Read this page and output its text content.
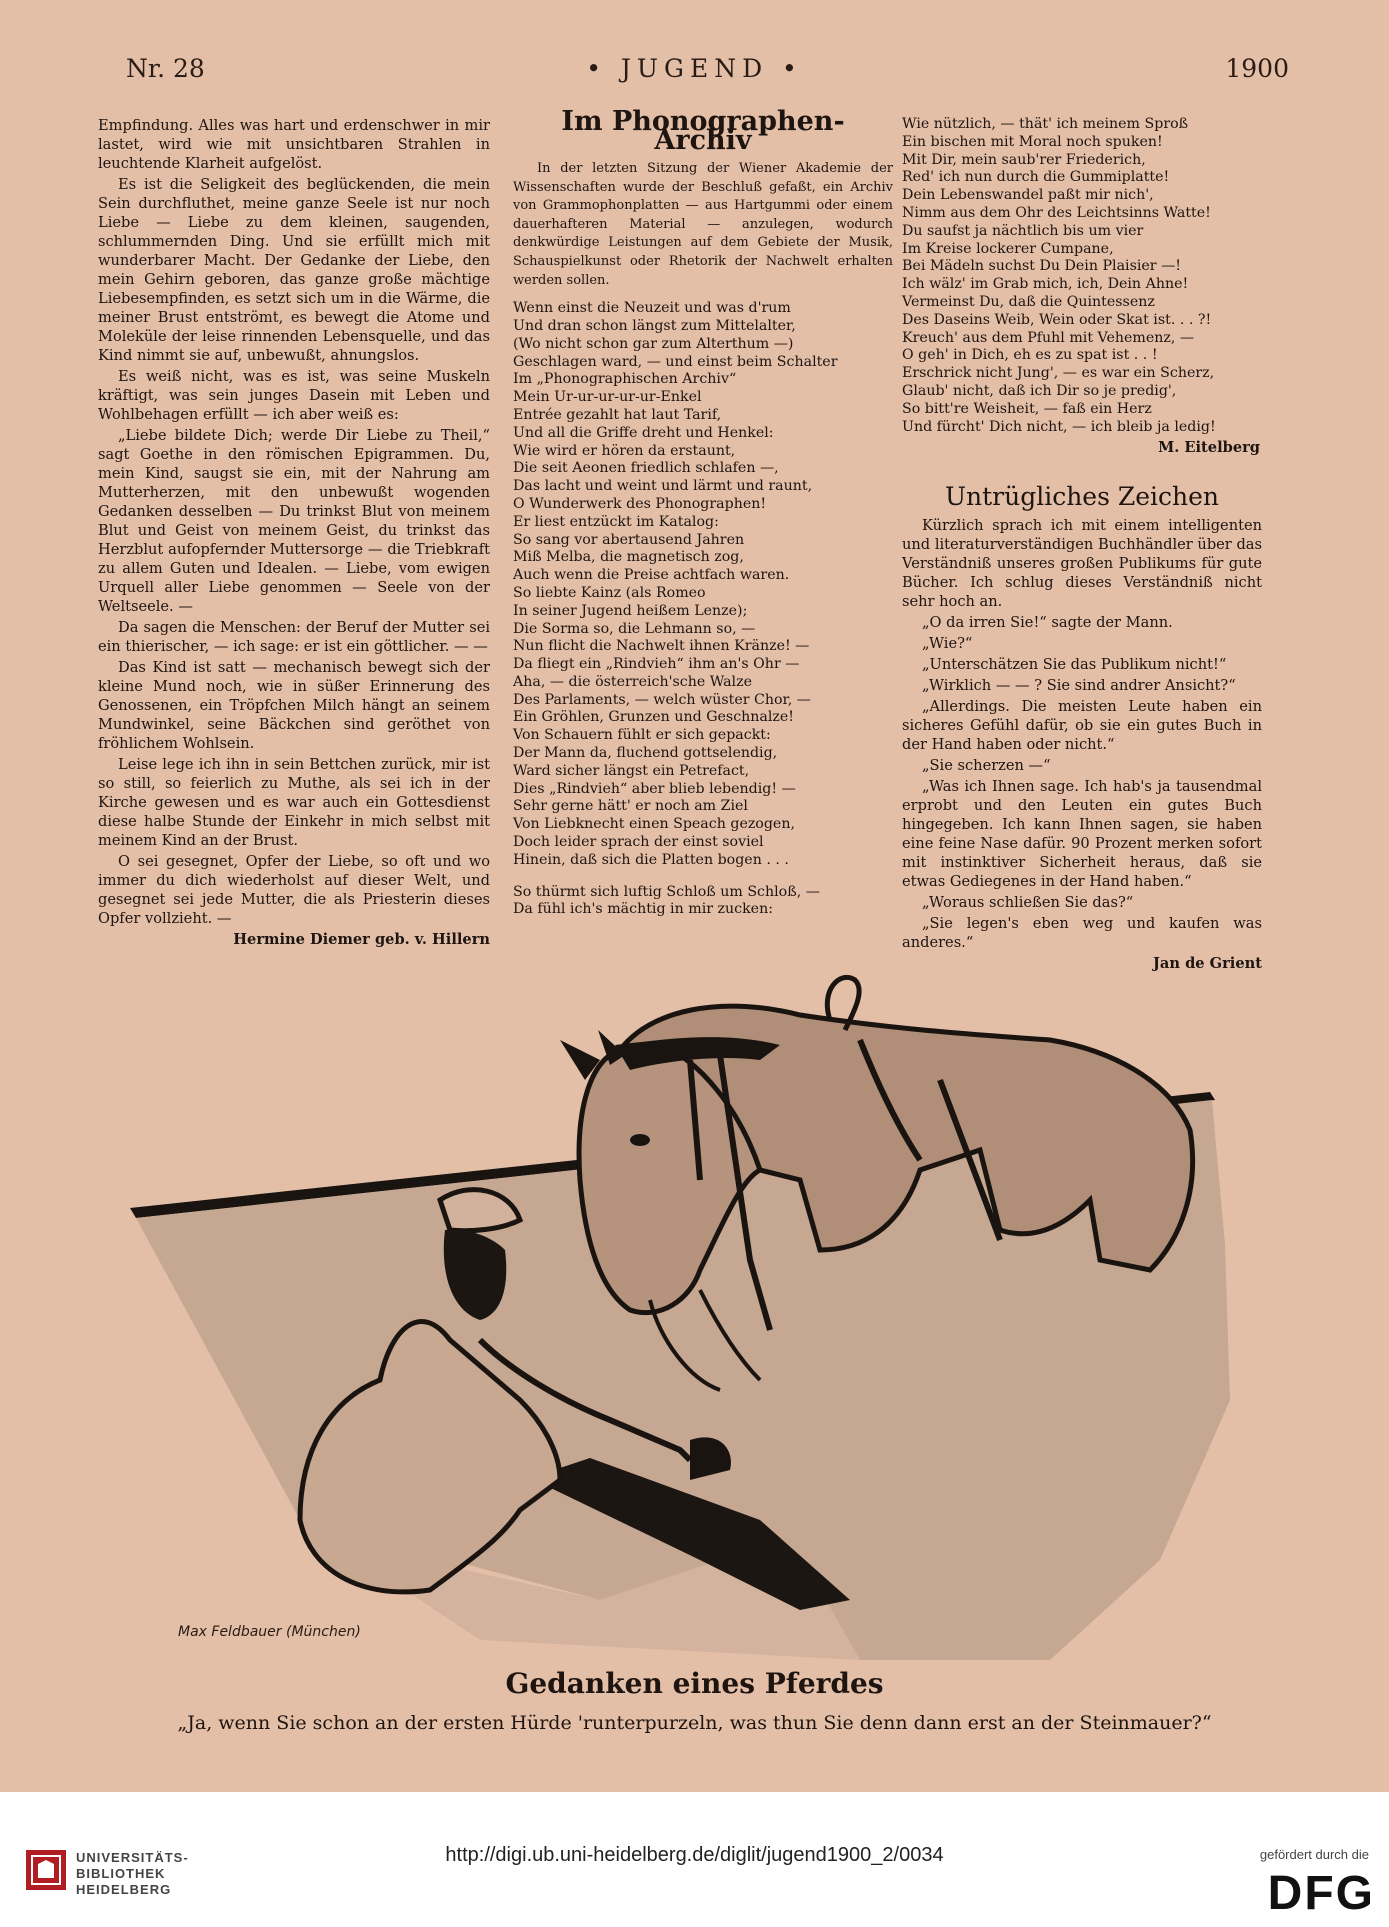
Nr. 28	• JUGEND •	1900

Empfindung. Alles was hart und erdenschwer in mir lastet, wird wie mit unsichtbaren Strahlen in leuchtende Klarheit aufgelöst.

Es ist die Seligkeit des beglückenden, die mein Sein durchfluthet, meine ganze Seele ist nur noch Liebe — Liebe zu dem kleinen, saugenden, schlummernden Ding. Und sie erfüllt mich mit wunderbarer Macht. Der Gedanke der Liebe, den mein Gehirn geboren, das ganze große mächtige Liebesempfinden, es setzt sich um in die Wärme, die meiner Brust entströmt, es bewegt die Atome und Moleküle der leise rinnenden Lebensquelle, und das Kind nimmt sie auf, unbewußt, ahnungslos.

Es weiß nicht, was es ist, was seine Muskeln kräftigt, was sein junges Dasein mit Leben und Wohlbehagen erfüllt — ich aber weiß es:

„Liebe bildete Dich; werde Dir Liebe zu Theil,“ sagt Goethe in den römischen Epigrammen. Du, mein Kind, saugst sie ein, mit der Nahrung am Mutterherzen, mit den unbewußt wogenden Gedanken desselben — Du trinkst Blut von meinem Blut und Geist von meinem Geist, du trinkst das Herzblut aufopfernder Muttersorge — die Triebkraft zu allem Guten und Idealen. — Liebe, vom ewigen Urquell aller Liebe genommen — Seele von der Weltseele. —

Da sagen die Menschen: der Beruf der Mutter sei ein thierischer, — ich sage: er ist ein göttlicher. — —

Das Kind ist satt — mechanisch bewegt sich der kleine Mund noch, wie in süßer Erinnerung des Genossenen, ein Tröpfchen Milch hängt an seinem Mundwinkel, seine Bäckchen sind geröthet von fröhlichem Wohlsein.

Leise lege ich ihn in sein Bettchen zurück, mir ist so still, so feierlich zu Muthe, als sei ich in der Kirche gewesen und es war auch ein Gottesdienst diese halbe Stunde der Einkehr in mich selbst mit meinem Kind an der Brust.

O sei gesegnet, Opfer der Liebe, so oft und wo immer du dich wiederholst auf dieser Welt, und gesegnet sei jede Mutter, die als Priesterin dieses Opfer vollzieht. —

Hermine Diemer geb. v. Hillern
Im Phonographen-Archiv
In der letzten Sitzung der Wiener Akademie der Wissenschaften wurde der Beschluß gefaßt, ein Archiv von Grammophonplatten — aus Hartgummi oder einem dauerhafteren Material — anzulegen, wodurch denkwürdige Leistungen auf dem Gebiete der Musik, Schauspielkunst oder Rhetorik der Nachwelt erhalten werden sollen.
Wenn einst die Neuzeit und was d'rum
Und dran schon längst zum Mittelalter,
(Wo nicht schon gar zum Alterthum —)
Geschlagen ward, — und einst beim Schalter
Im „Phonographischen Archiv“
Mein Ur-ur-ur-ur-ur-Enkel
Entrée gezahlt hat laut Tarif,
Und all die Griffe dreht und Henkel:
Wie wird er hören da erstaunt,
Die seit Aeonen friedlich schlafen —,
Das lacht und weint und lärmt und raunt,
O Wunderwerk des Phonographen!
Er liest entzückt im Katalog:
So sang vor abertausend Jahren
Miß Melba, die magnetisch zog,
Auch wenn die Preise achtfach waren.
So liebte Kainz (als Romeo
In seiner Jugend heißem Lenze);
Die Sorma so, die Lehmann so, —
Nun flicht die Nachwelt ihnen Kränze! —
Da fliegt ein „Rindvieh“ ihm an's Ohr —
Aha, — die österreich'sche Walze
Des Parlaments, — welch wüster Chor, —
Ein Gröhlen, Grunzen und Geschnalze!
Von Schauern fühlt er sich gepackt:
Der Mann da, fluchend gottselendig,
Ward sicher längst ein Petrefact,
Dies „Rindvieh“ aber blieb lebendig! —
Sehr gerne hätt' er noch am Ziel
Von Liebknecht einen Speach gezogen,
Doch leider sprach der einst soviel
Hinein, daß sich die Platten bogen . . .
So thürmt sich luftig Schloß um Schloß, —
Da fühl ich's mächtig in mir zucken:
Wie nützlich, — thät' ich meinem Sproß
Ein bischen mit Moral noch spuken!
Mit Dir, mein saub'rer Friederich,
Red' ich nun durch die Gummiplatte!
Dein Lebenswandel paßt mir nich',
Nimm aus dem Ohr des Leichtsinns Watte!
Du saufst ja nächtlich bis um vier
Im Kreise lockerer Cumpane,
Bei Mädeln suchst Du Dein Plaisier —!
Ich wälz' im Grab mich, ich, Dein Ahne!
Vermeinst Du, daß die Quintessenz
Des Daseins Weib, Wein oder Skat ist. . . ?!
Kreuch' aus dem Pfuhl mit Vehemenz, —
O geh' in Dich, eh es zu spat ist . . !
Erschrick nicht Jung', — es war ein Scherz,
Glaub' nicht, daß ich Dir so je predig',
So bitt're Weisheit, — faß ein Herz
Und fürcht' Dich nicht, — ich bleib ja ledig!
M. Eitelberg
Untrügliches Zeichen

Kürzlich sprach ich mit einem intelligenten und literaturverständigen Buchhändler über das Verständniß unseres großen Publikums für gute Bücher. Ich schlug dieses Verständniß nicht sehr hoch an.

„O da irren Sie!“ sagte der Mann.

„Wie?“

„Unterschätzen Sie das Publikum nicht!“

„Wirklich — — ? Sie sind andrer Ansicht?“

„Allerdings. Die meisten Leute haben ein sicheres Gefühl dafür, ob sie ein gutes Buch in der Hand haben oder nicht.“

„Sie scherzen —“

„Was ich Ihnen sage. Ich hab's ja tausendmal erprobt und den Leuten ein gutes Buch hingegeben. Ich kann Ihnen sagen, sie haben eine feine Nase dafür. 90 Prozent merken sofort mit instinktiver Sicherheit heraus, daß sie etwas Gediegenes in der Hand haben.“

„Woraus schließen Sie das?“

„Sie legen's eben weg und kaufen was anderes.“

Jan de Grient
Max Feldbauer (München)
Gedanken eines Pferdes
„Ja, wenn Sie schon an der ersten Hürde 'runterpurzeln, was thun Sie denn dann erst an der Steinmauer?“
UNIVERSITÄTS-
BIBLIOTHEK
HEIDELBERG
http://digi.ub.uni-heidelberg.de/diglit/jugend1900_2/0034	gefördert durch die
DFG
